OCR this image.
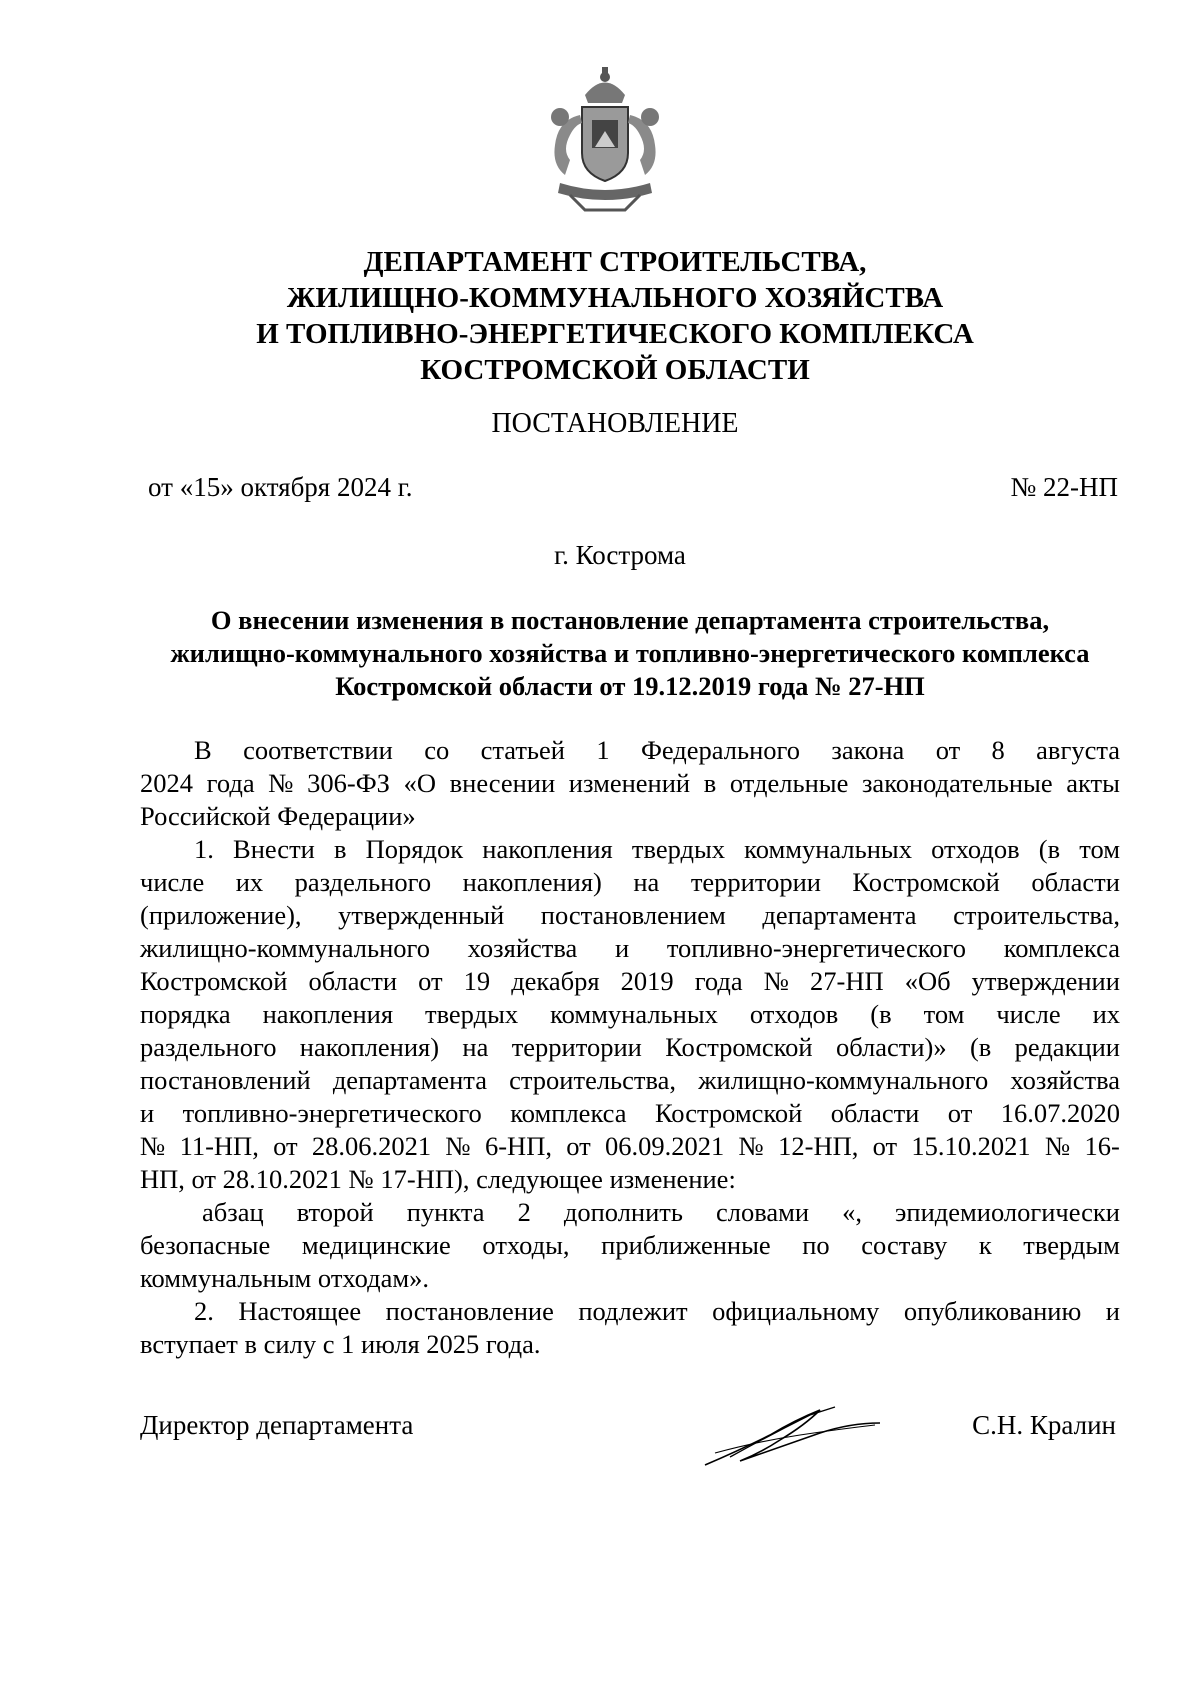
ДЕПАРТАМЕНТ СТРОИТЕЛЬСТВА,
ЖИЛИЩНО-КОММУНАЛЬНОГО ХОЗЯЙСТВА
И ТОПЛИВНО-ЭНЕРГЕТИЧЕСКОГО КОМПЛЕКСА
КОСТРОМСКОЙ ОБЛАСТИ
ПОСТАНОВЛЕНИЕ
от «15» октября 2024 г.	№ 22-НП
г. Кострома
О внесении изменения в постановление департамента строительства,
жилищно-коммунального хозяйства и топливно-энергетического комплекса
Костромской области от 19.12.2019 года № 27-НП
В соответствии со статьей 1 Федерального закона от 8 августа
2024 года № 306-ФЗ «О внесении изменений в отдельные законодательные акты
Российской Федерации»
1. Внести в Порядок накопления твердых коммунальных отходов (в том
числе их раздельного накопления) на территории Костромской области
(приложение), утвержденный постановлением департамента строительства,
жилищно-коммунального хозяйства и топливно-энергетического комплекса
Костромской области от 19 декабря 2019 года № 27-НП «Об утверждении
порядка накопления твердых коммунальных отходов (в том числе их
раздельного накопления) на территории Костромской области)» (в редакции
постановлений департамента строительства, жилищно-коммунального хозяйства
и топливно-энергетического комплекса Костромской области от 16.07.2020
№ 11-НП, от 28.06.2021 № 6-НП, от 06.09.2021 № 12-НП, от 15.10.2021 № 16-
НП, от 28.10.2021 № 17-НП), следующее изменение:
абзац второй пункта 2 дополнить словами «, эпидемиологически
безопасные медицинские отходы, приближенные по составу к твердым
коммунальным отходам».
2. Настоящее постановление подлежит официальному опубликованию и
вступает в силу с 1 июля 2025 года.
Директор департамента	С.Н. Кралин
